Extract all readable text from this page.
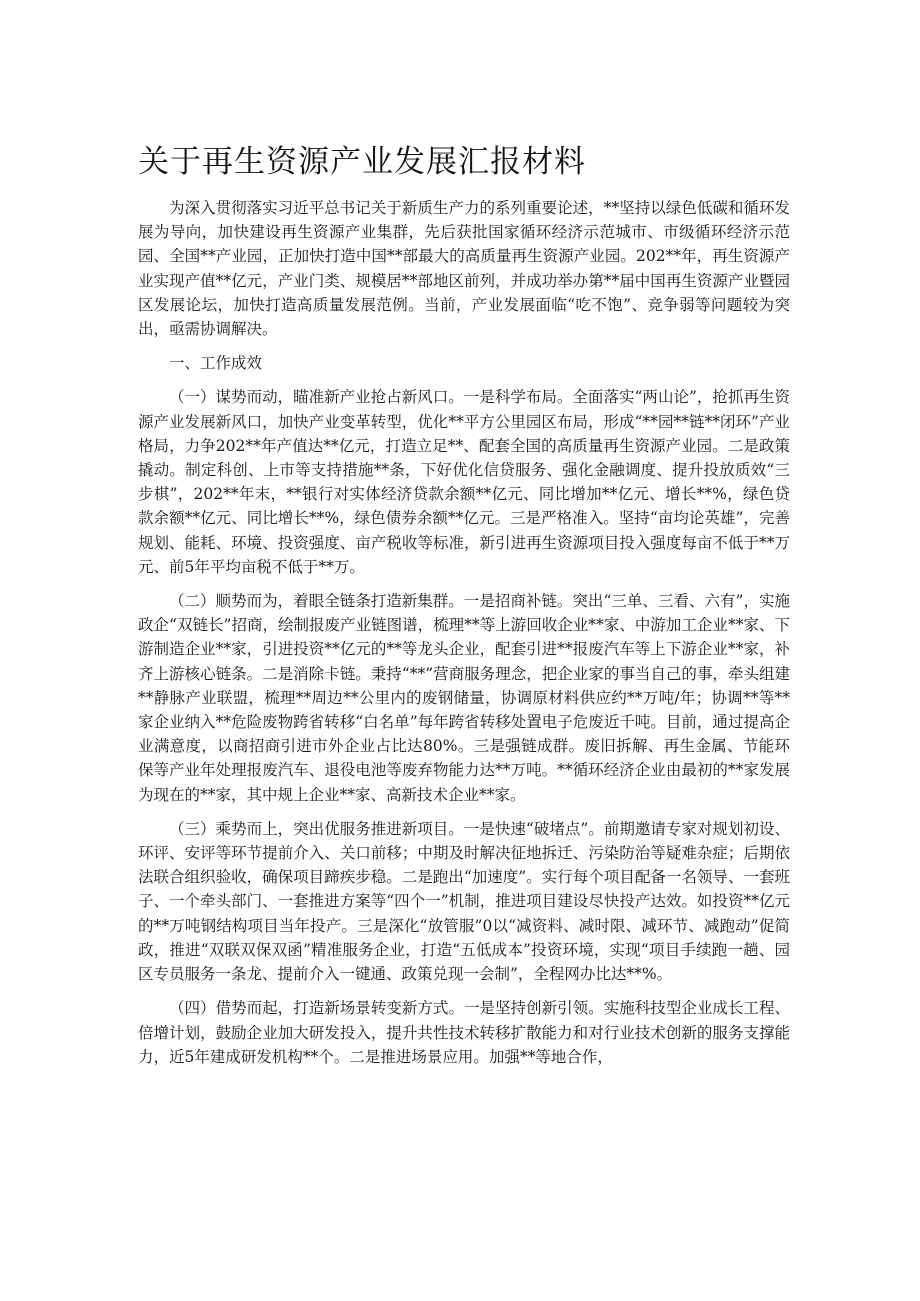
关于再生资源产业发展汇报材料

为深入贯彻落实习近平总书记关于新质生产力的系列重要论述，**坚持以绿色低碳和循环发展为导向，加快建设再生资源产业集群，先后获批国家循环经济示范城市、市级循环经济示范园、全国**产业园，正加快打造中国**部最大的高质量再生资源产业园。202**年，再生资源产业实现产值**亿元，产业门类、规模居**部地区前列，并成功举办第**届中国再生资源产业暨园区发展论坛，加快打造高质量发展范例。当前，产业发展面临“吃不饱”、竞争弱等问题较为突出，亟需协调解决。

一、工作成效

（一）谋势而动，瞄准新产业抢占新风口。一是科学布局。全面落实“两山论”，抢抓再生资源产业发展新风口，加快产业变革转型，优化**平方公里园区布局，形成“**园**链**闭环”产业格局，力争202**年产值达**亿元，打造立足**、配套全国的高质量再生资源产业园。二是政策撬动。制定科创、上市等支持措施**条，下好优化信贷服务、强化金融调度、提升投放质效“三步棋”，202**年末，**银行对实体经济贷款余额**亿元、同比增加**亿元、增长**%，绿色贷款余额**亿元、同比增长**%，绿色债券余额**亿元。三是严格准入。坚持“亩均论英雄”，完善规划、能耗、环境、投资强度、亩产税收等标准，新引进再生资源项目投入强度每亩不低于**万元、前5年平均亩税不低于**万。

（二）顺势而为，着眼全链条打造新集群。一是招商补链。突出“三单、三看、六有”，实施政企“双链长”招商，绘制报废产业链图谱，梳理**等上游回收企业**家、中游加工企业**家、下游制造企业**家，引进投资**亿元的**等龙头企业，配套引进**报废汽车等上下游企业**家，补齐上游核心链条。二是消除卡链。秉持“**”营商服务理念，把企业家的事当自己的事，牵头组建**静脉产业联盟，梳理**周边**公里内的废钢储量，协调原材料供应约**万吨/年；协调**等**家企业纳入**危险废物跨省转移“白名单”每年跨省转移处置电子危废近千吨。目前，通过提高企业满意度，以商招商引进市外企业占比达80%。三是强链成群。废旧拆解、再生金属、节能环保等产业年处理报废汽车、退役电池等废弃物能力达**万吨。**循环经济企业由最初的**家发展为现在的**家，其中规上企业**家、高新技术企业**家。

（三）乘势而上，突出优服务推进新项目。一是快速“破堵点”。前期邀请专家对规划初设、环评、安评等环节提前介入、关口前移；中期及时解决征地拆迁、污染防治等疑难杂症；后期依法联合组织验收，确保项目蹄疾步稳。二是跑出“加速度”。实行每个项目配备一名领导、一套班子、一个牵头部门、一套推进方案等“四个一”机制，推进项目建设尽快投产达效。如投资**亿元的**万吨钢结构项目当年投产。三是深化“放管服”0以“减资料、减时限、减环节、减跑动”促简政，推进“双联双保双函”精准服务企业，打造“五低成本”投资环境，实现“项目手续跑一趟、园区专员服务一条龙、提前介入一键通、政策兑现一会制”，全程网办比达**%。

（四）借势而起，打造新场景转变新方式。一是坚持创新引领。实施科技型企业成长工程、倍增计划，鼓励企业加大研发投入，提升共性技术转移扩散能力和对行业技术创新的服务支撑能力，近5年建成研发机构**个。二是推进场景应用。加强**等地合作，
